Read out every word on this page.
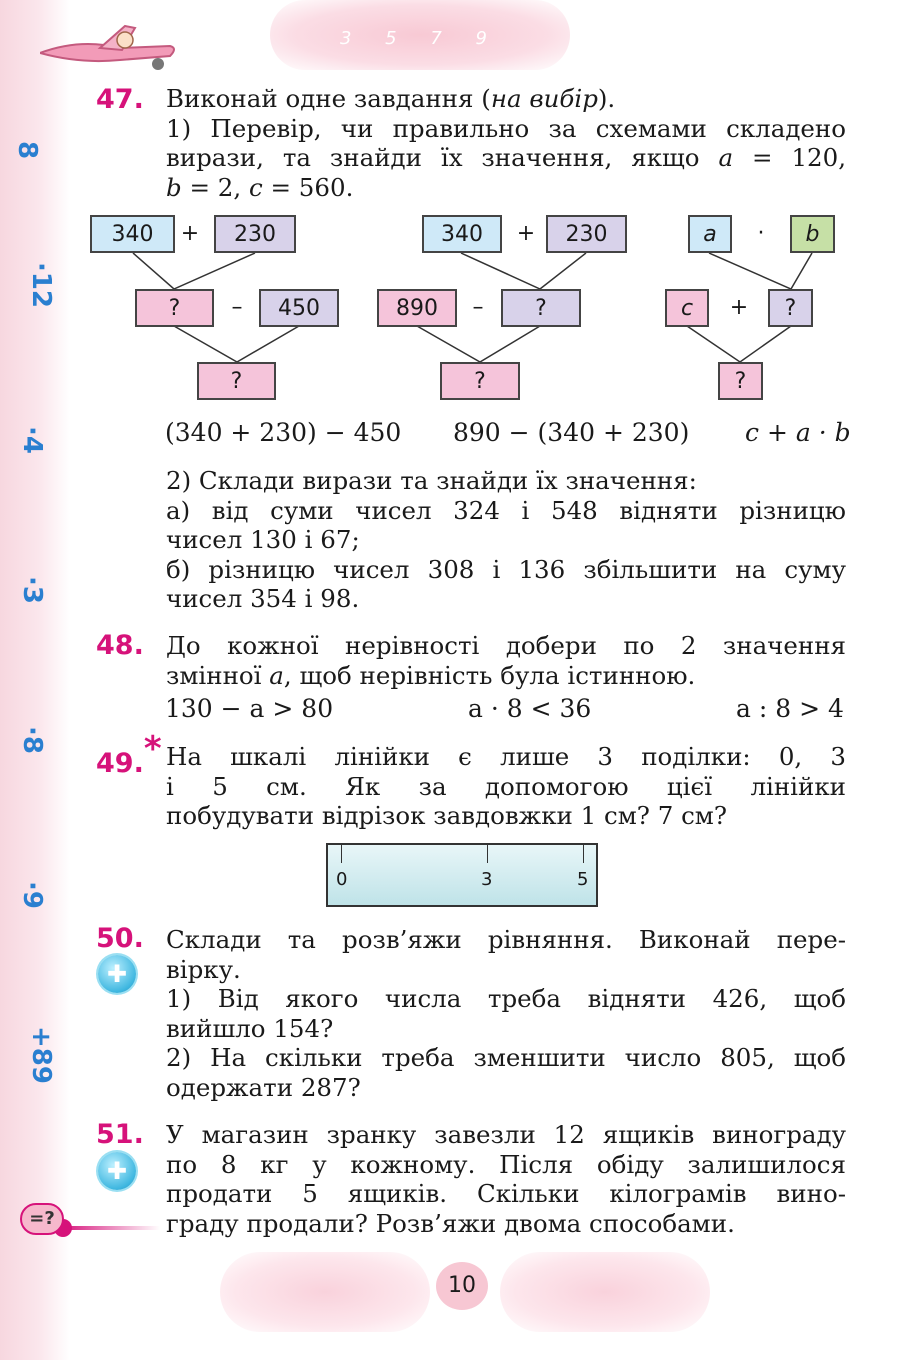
8
·12
·4
·3
·8
·9
+89
3 5 7 9
47. Виконай одне завдання (на вибір).

1) Перевір, чи правильно за схемами складено

вирази, та знайди їх значення, якщо a = 120,

b = 2, c = 560.

340	+	230
?	–	450
?
340	+	230
890	–	?
?
a	·	b
c	+	?
?
(340 + 230) − 450 890 − (340 + 230) c + a · b

2) Склади вирази та знайди їх значення:

а) від суми чисел 324 і 548 відняти різницю

чисел 130 і 67;

б) різницю чисел 308 і 136 збільшити на суму

чисел 354 і 98.

48. До кожної нерівності добери по 2 значення

змінної a, щоб нерівність була істинною.

130 − a > 80	a · 8 < 36	a : 8 > 4
49.* На шкалі лінійки є лише 3 поділки: 0, 3

і 5 см. Як за допомогою цієї лінійки

побудувати відрізок завдовжки 1 см? 7 см?

0	3	5
50.
✚

Склади та розв’яжи рівняння. Виконай пере-

вірку.

1) Від якого числа треба відняти 426, щоб

вийшло 154?

2) На скільки треба зменшити число 805, щоб

одержати 287?

51.
✚

У магазин зранку завезли 12 ящиків винограду

по 8 кг у кожному. Після обіду залишилося

продати 5 ящиків. Скільки кілограмів вино-

граду продали? Розв’яжи двома способами.

=?
10
